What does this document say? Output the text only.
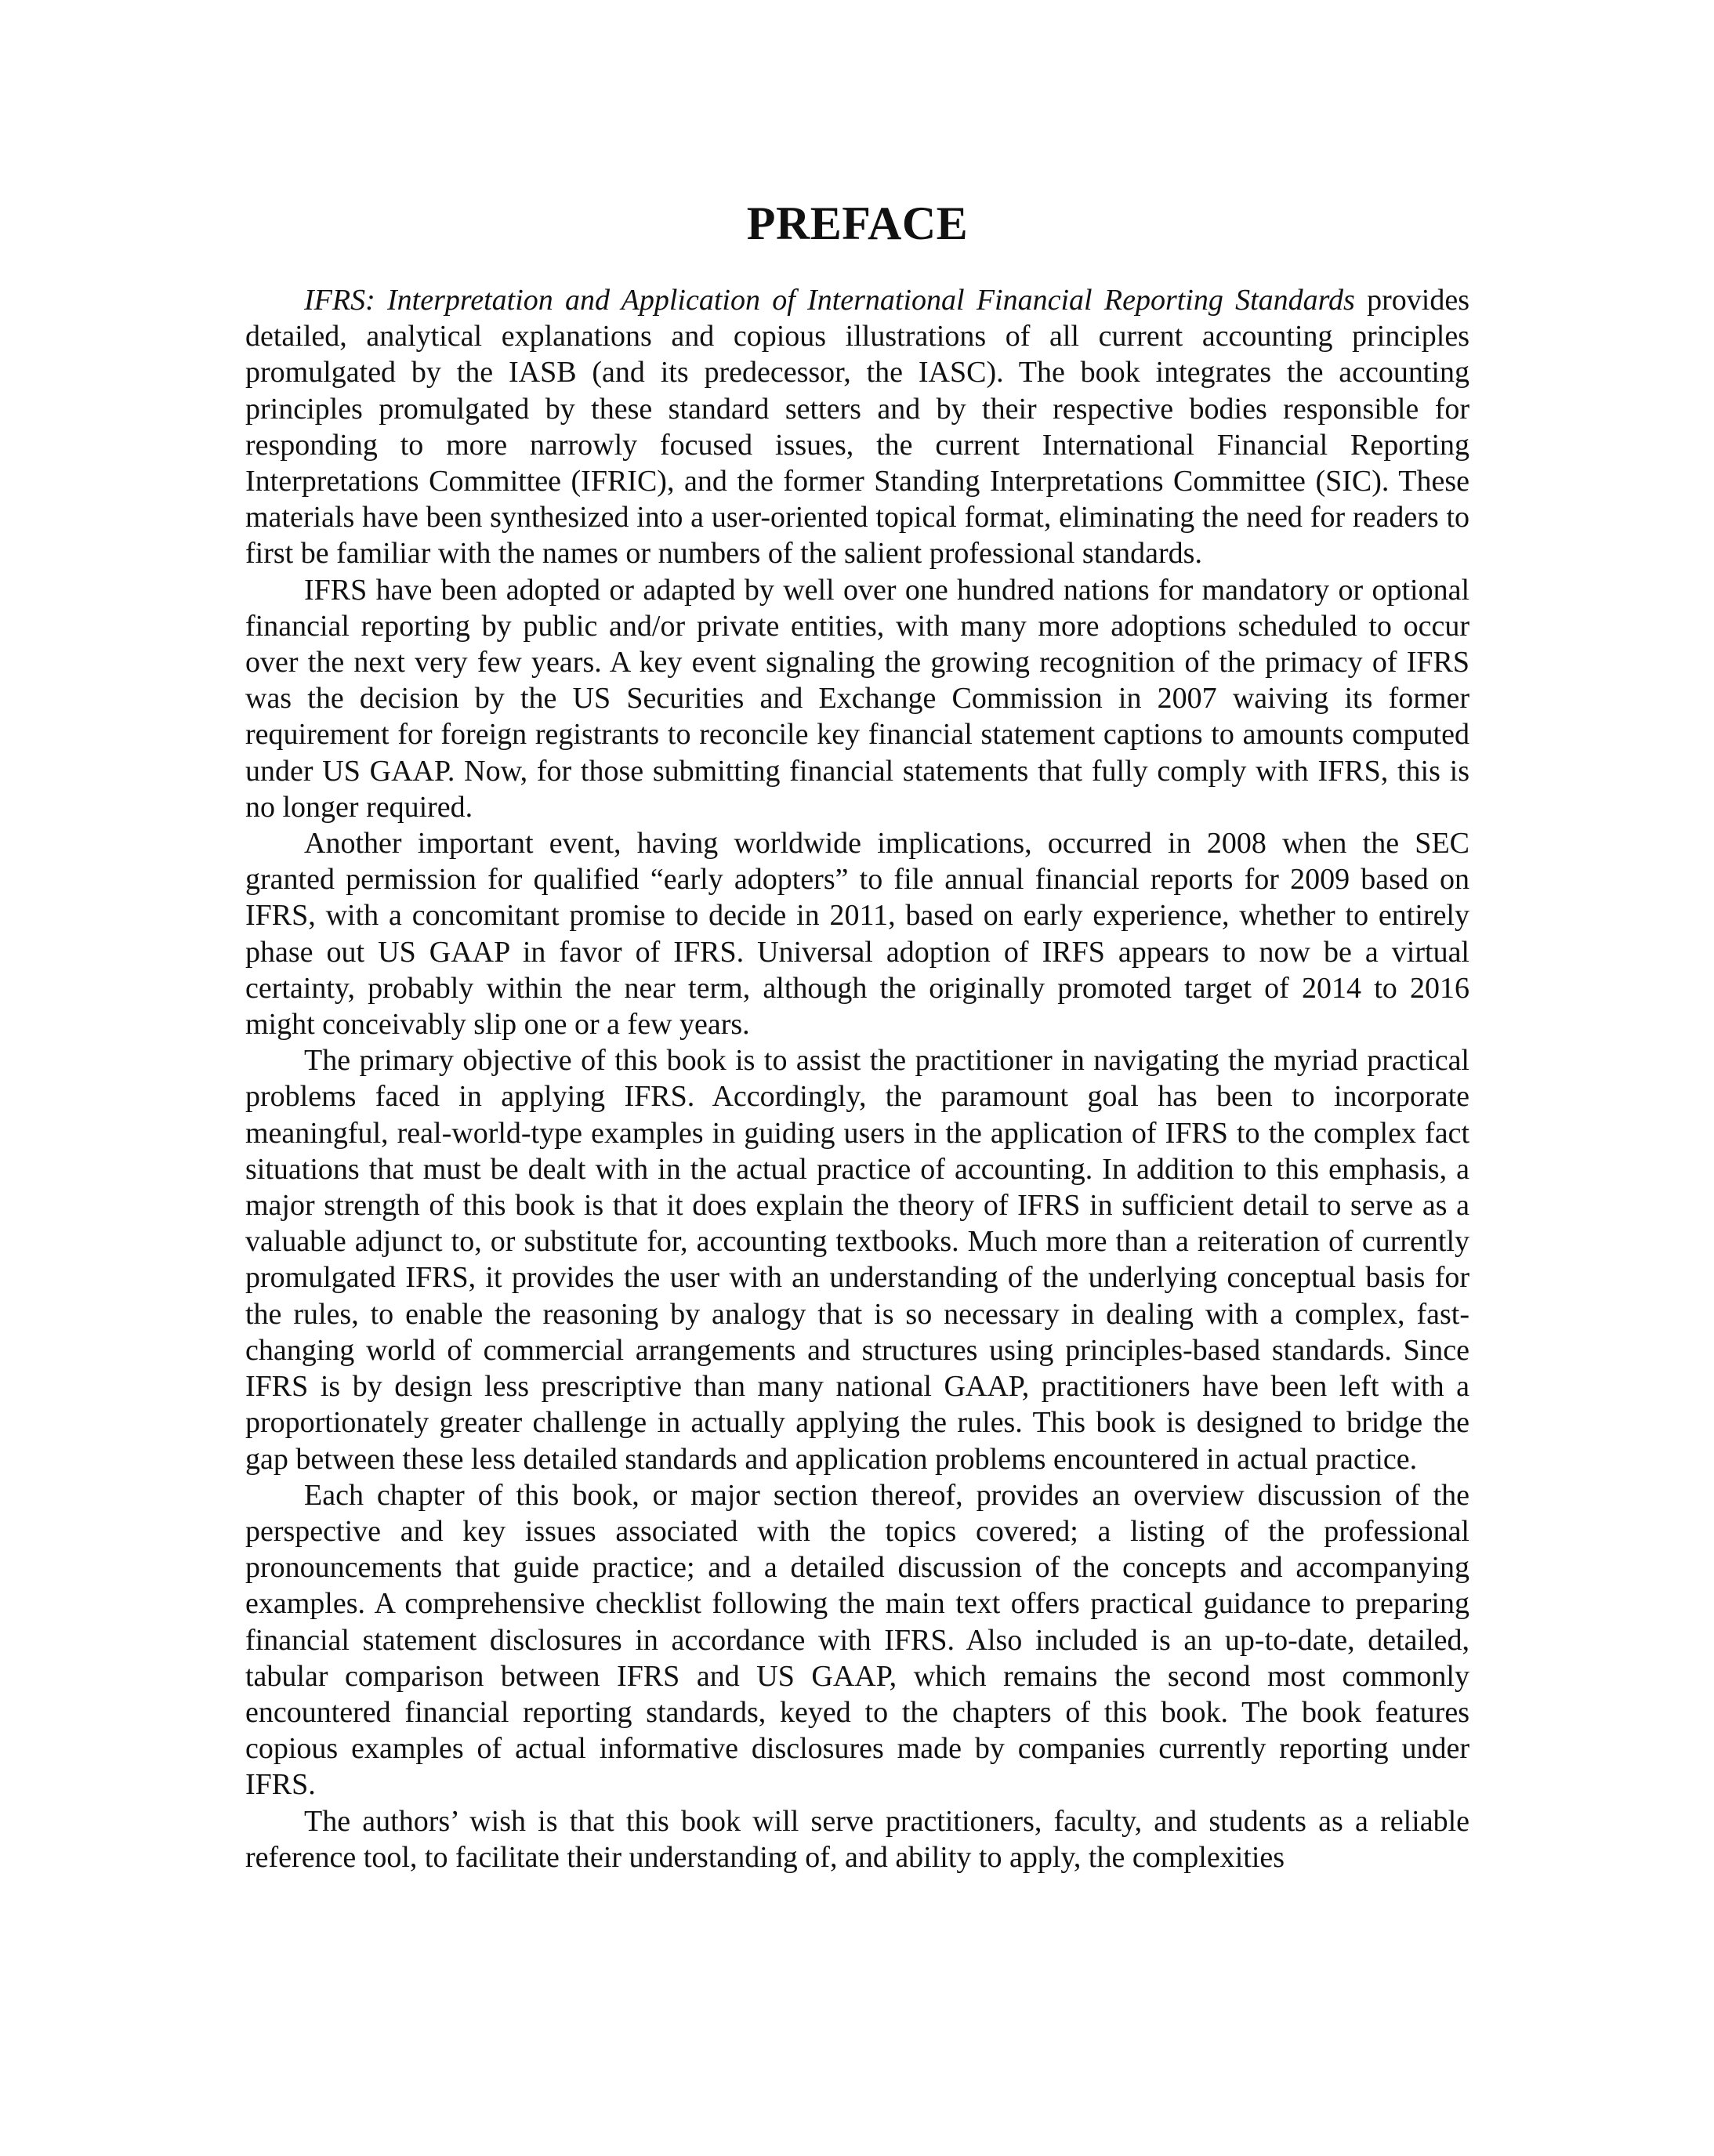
PREFACE

IFRS: Interpretation and Application of International Financial Reporting Standards provides detailed, analytical explanations and copious illustrations of all current accounting principles promulgated by the IASB (and its predecessor, the IASC). The book integrates the accounting principles promulgated by these standard setters and by their respective bodies responsible for responding to more narrowly focused issues, the current International Financial Reporting Interpretations Committee (IFRIC), and the former Standing Interpretations Committee (SIC). These materials have been synthesized into a user-oriented topical format, eliminating the need for readers to first be familiar with the names or numbers of the salient professional standards.

IFRS have been adopted or adapted by well over one hundred nations for mandatory or optional financial reporting by public and/or private entities, with many more adoptions scheduled to occur over the next very few years. A key event signaling the growing recognition of the primacy of IFRS was the decision by the US Securities and Exchange Commission in 2007 waiving its former requirement for foreign registrants to reconcile key financial statement captions to amounts computed under US GAAP. Now, for those submitting financial statements that fully comply with IFRS, this is no longer required.

Another important event, having worldwide implications, occurred in 2008 when the SEC granted permission for qualified “early adopters” to file annual financial reports for 2009 based on IFRS, with a concomitant promise to decide in 2011, based on early experience, whether to entirely phase out US GAAP in favor of IFRS. Universal adoption of IRFS appears to now be a virtual certainty, probably within the near term, although the originally promoted target of 2014 to 2016 might conceivably slip one or a few years.

The primary objective of this book is to assist the practitioner in navigating the myriad practical problems faced in applying IFRS. Accordingly, the paramount goal has been to incorporate meaningful, real-world-type examples in guiding users in the application of IFRS to the complex fact situations that must be dealt with in the actual practice of accounting. In addition to this emphasis, a major strength of this book is that it does explain the theory of IFRS in sufficient detail to serve as a valuable adjunct to, or substitute for, accounting textbooks. Much more than a reiteration of currently promulgated IFRS, it provides the user with an understanding of the underlying conceptual basis for the rules, to enable the reasoning by analogy that is so necessary in dealing with a complex, fast-changing world of commercial arrangements and structures using principles-based standards. Since IFRS is by design less prescriptive than many national GAAP, practitioners have been left with a proportionately greater challenge in actually applying the rules. This book is designed to bridge the gap between these less detailed standards and application problems encountered in actual practice.

Each chapter of this book, or major section thereof, provides an overview discussion of the perspective and key issues associated with the topics covered; a listing of the professional pronouncements that guide practice; and a detailed discussion of the concepts and accompanying examples. A comprehensive checklist following the main text offers practical guidance to preparing financial statement disclosures in accordance with IFRS. Also included is an up-to-date, detailed, tabular comparison between IFRS and US GAAP, which remains the second most commonly encountered financial reporting standards, keyed to the chapters of this book. The book features copious examples of actual informative disclosures made by companies currently reporting under IFRS.

The authors’ wish is that this book will serve practitioners, faculty, and students as a reliable reference tool, to facilitate their understanding of, and ability to apply, the complexities
